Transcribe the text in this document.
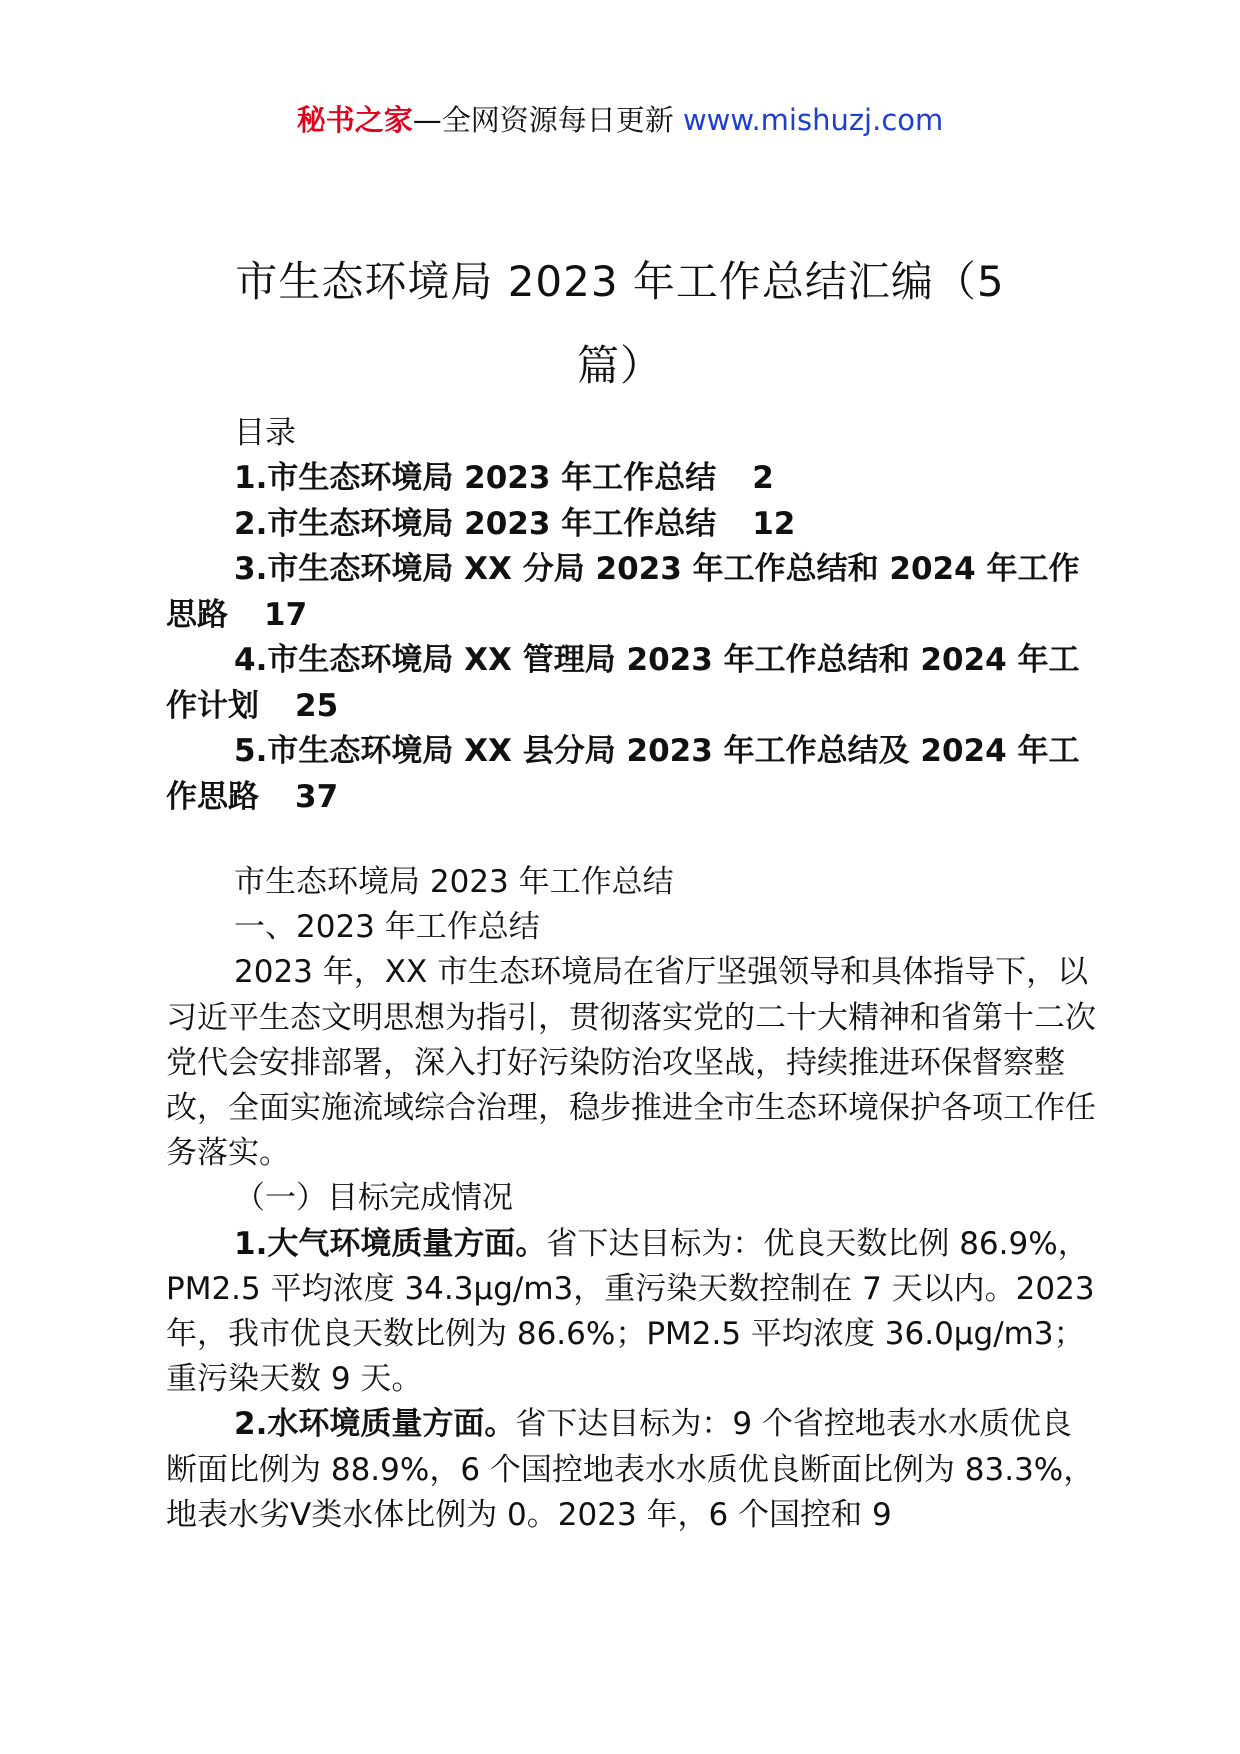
秘书之家—全网资源每日更新 www.mishuzj.com
市生态环境局 2023 年工作总结汇编（5
篇）
目录
1.市生态环境局 2023 年工作总结 2
2.市生态环境局 2023 年工作总结 12
3.市生态环境局 XX 分局 2023 年工作总结和 2024 年工作思路 17
4.市生态环境局 XX 管理局 2023 年工作总结和 2024 年工作计划 25
5.市生态环境局 XX 县分局 2023 年工作总结及 2024 年工作思路 37

市生态环境局 2023 年工作总结

一、2023 年工作总结

2023 年，XX 市生态环境局在省厅坚强领导和具体指导下，以习近平生态文明思想为指引，贯彻落实党的二十大精神和省第十二次党代会安排部署，深入打好污染防治攻坚战，持续推进环保督察整改，全面实施流域综合治理，稳步推进全市生态环境保护各项工作任务落实。

（一）目标完成情况

1.大气环境质量方面。省下达目标为：优良天数比例 86.9%，PM2.5 平均浓度 34.3μg/m3，重污染天数控制在 7 天以内。2023 年，我市优良天数比例为 86.6%；PM2.5 平均浓度 36.0μg/m3；重污染天数 9 天。

2.水环境质量方面。省下达目标为：9 个省控地表水水质优良断面比例为 88.9%，6 个国控地表水水质优良断面比例为 83.3%，地表水劣Ⅴ类水体比例为 0。2023 年，6 个国控和 9
